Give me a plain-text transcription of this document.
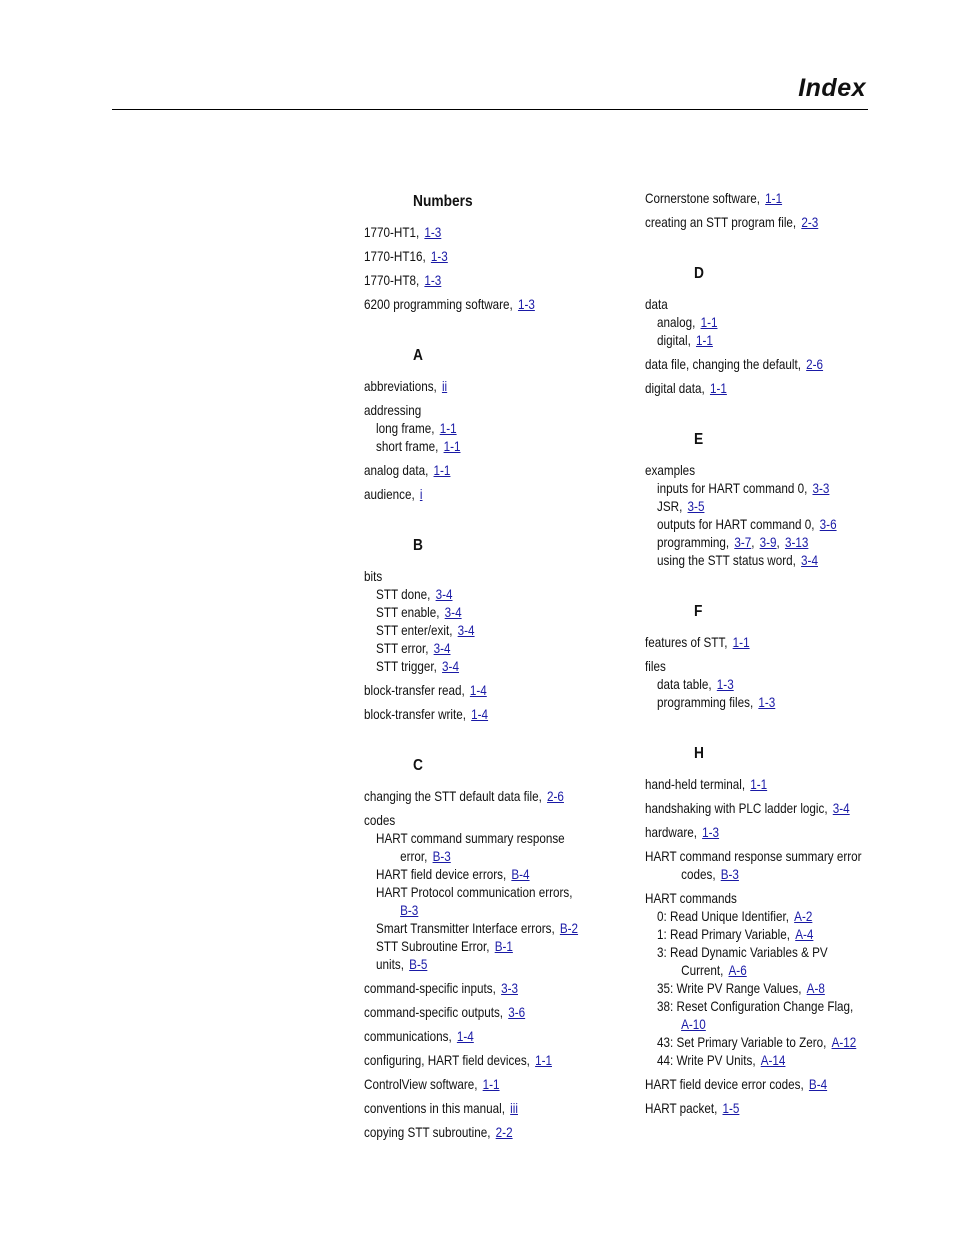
Index
Numbers
1770-HT1, 1-3
1770-HT16, 1-3
1770-HT8, 1-3
6200 programming software, 1-3
A
abbreviations, ii
addressing
long frame, 1-1
short frame, 1-1
analog data, 1-1
audience, i
B
bits
STT done, 3-4
STT enable, 3-4
STT enter/exit, 3-4
STT error, 3-4
STT trigger, 3-4
block-transfer read, 1-4
block-transfer write, 1-4
C
changing the STT default data file, 2-6
codes
HART command summary response
error, B-3
HART field device errors, B-4
HART Protocol communication errors,
B-3
Smart Transmitter Interface errors, B-2
STT Subroutine Error, B-1
units, B-5
command-specific inputs, 3-3
command-specific outputs, 3-6
communications, 1-4
configuring, HART field devices, 1-1
ControlView software, 1-1
conventions in this manual, iii
copying STT subroutine, 2-2
Cornerstone software, 1-1
creating an STT program file, 2-3
D
data
analog, 1-1
digital, 1-1
data file, changing the default, 2-6
digital data, 1-1
E
examples
inputs for HART command 0, 3-3
JSR, 3-5
outputs for HART command 0, 3-6
programming, 3-7, 3-9, 3-13
using the STT status word, 3-4
F
features of STT, 1-1
files
data table, 1-3
programming files, 1-3
H
hand-held terminal, 1-1
handshaking with PLC ladder logic, 3-4
hardware, 1-3
HART command response summary error
codes, B-3
HART commands
0: Read Unique Identifier, A-2
1: Read Primary Variable, A-4
3: Read Dynamic Variables & PV
Current, A-6
35: Write PV Range Values, A-8
38: Reset Configuration Change Flag,
A-10
43: Set Primary Variable to Zero, A-12
44: Write PV Units, A-14
HART field device error codes, B-4
HART packet, 1-5
